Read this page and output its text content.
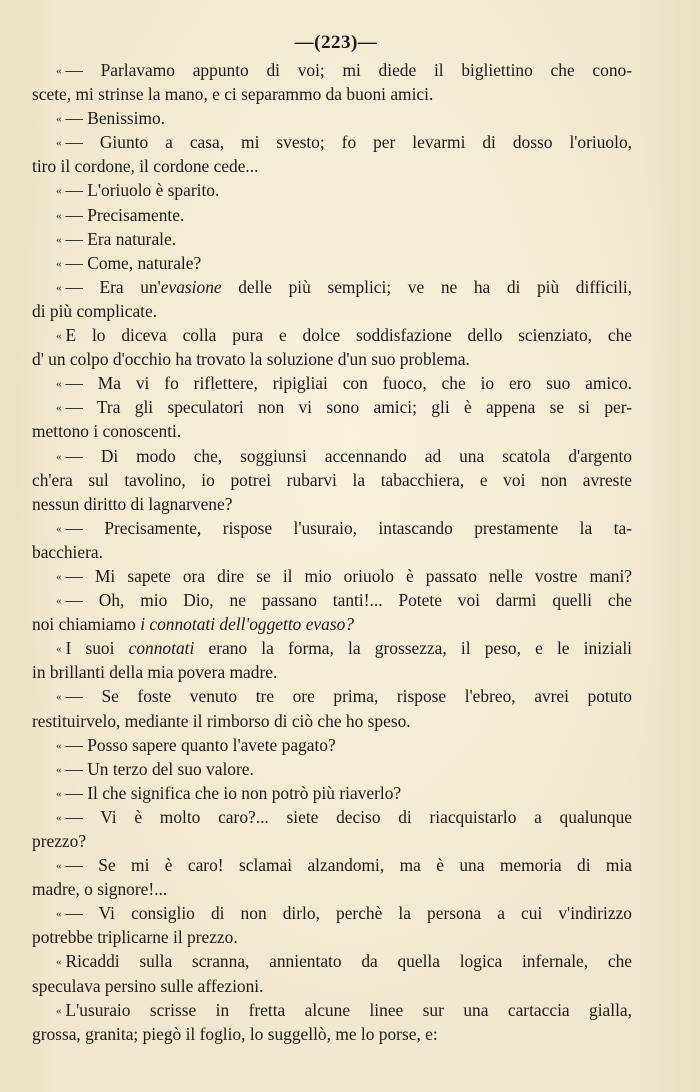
—(223)—
« — Parlavamo appunto di voi; mi diede il bigliettino che cono-
scete, mi strinse la mano, e ci separammo da buoni amici.
« — Benissimo.
« — Giunto a casa, mi svesto; fo per levarmi di dosso l'oriuolo,
tiro il cordone, il cordone cede...
« — L'oriuolo è sparito.
« — Precisamente.
« — Era naturale.
« — Come, naturale?
« — Era un'evasione delle più semplici; ve ne ha di più difficili,
di più complicate.
« E lo diceva colla pura e dolce soddisfazione dello scienziato, che
d' un colpo d'occhio ha trovato la soluzione d'un suo problema.
« — Ma vi fo riflettere, ripigliai con fuoco, che io ero suo amico.
« — Tra gli speculatori non vi sono amici; gli è appena se si per-
mettono i conoscenti.
« — Di modo che, soggiunsi accennando ad una scatola d'argento
ch'era sul tavolino, io potrei rubarvi la tabacchiera, e voi non avreste
nessun diritto di lagnarvene?
« — Precisamente, rispose l'usuraio, intascando prestamente la ta-
bacchiera.
« — Mi sapete ora dire se il mio oriuolo è passato nelle vostre mani?
« — Oh, mio Dio, ne passano tanti!... Potete voi darmi quelli che
noi chiamiamo i connotati dell'oggetto evaso?
« I suoi connotati erano la forma, la grossezza, il peso, e le iniziali
in brillanti della mia povera madre.
« — Se foste venuto tre ore prima, rispose l'ebreo, avrei potuto
restituirvelo, mediante il rimborso di ciò che ho speso.
« — Posso sapere quanto l'avete pagato?
« — Un terzo del suo valore.
« — Il che significa che io non potrò più riaverlo?
« — Vi è molto caro?... siete deciso di riacquistarlo a qualunque
prezzo?
« — Se mi è caro! sclamai alzandomi, ma è una memoria di mia
madre, o signore!...
« — Vi consiglio di non dirlo, perchè la persona a cui v'indirizzo
potrebbe triplicarne il prezzo.
« Ricaddi sulla scranna, annientato da quella logica infernale, che
speculava persino sulle affezioni.
« L'usuraio scrisse in fretta alcune linee sur una cartaccia gialla,
grossa, granita; piegò il foglio, lo suggellò, me lo porse, e:
